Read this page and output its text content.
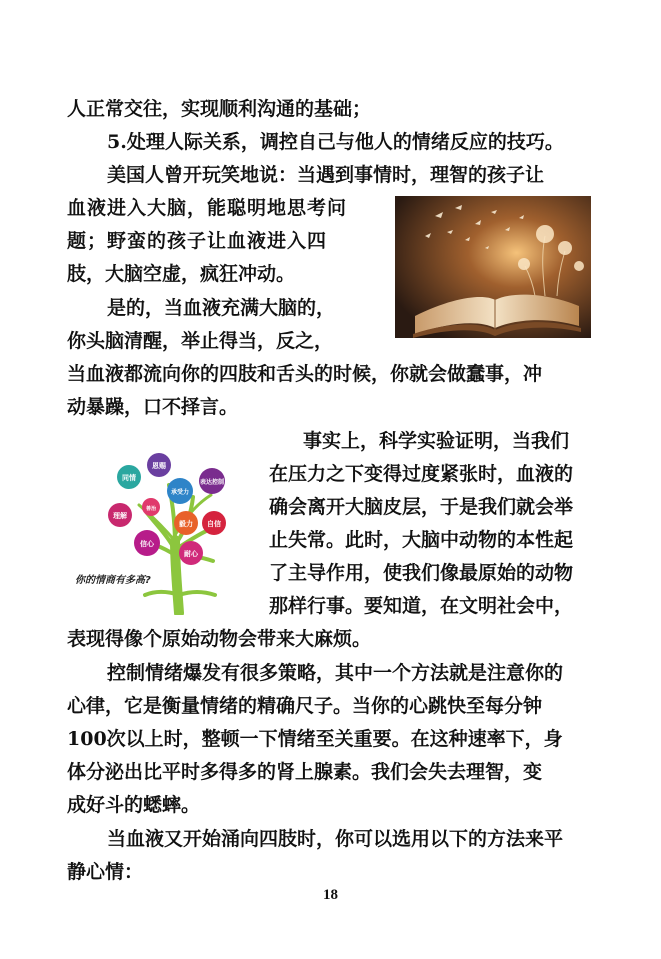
人正常交往，实现顺利沟通的基础；
5.处理人际关系，调控自己与他人的情绪反应的技巧。
美国人曾开玩笑地说：当遇到事情时，理智的孩子让
血液进入大脑，能聪明地思考问
题；野蛮的孩子让血液进入四
肢，大脑空虚，疯狂冲动。
是的，当血液充满大脑的，
你头脑清醒，举止得当，反之，
当血液都流向你的四肢和舌头的时候，你就会做蠢事，冲
动暴躁，口不择言。
事实上，科学实验证明，当我们
在压力之下变得过度紧张时，血液的
确会离开大脑皮层，于是我们就会举
止失常。此时，大脑中动物的本性起
了主导作用，使我们像最原始的动物
那样行事。要知道，在文明社会中，
表现得像个原始动物会带来大麻烦。
控制情绪爆发有很多策略，其中一个方法就是注意你的
心律，它是衡量情绪的精确尺子。当你的心跳快至每分钟
100次以上时，整顿一下情绪至关重要。在这种速率下，身
体分泌出比平时多得多的肾上腺素。我们会失去理智，变
成好斗的蟋蟀。
当血液又开始涌向四肢时，你可以选用以下的方法来平
静心情：
同情
恩赐
表达控制
理解
承受力
善治
毅力 自信
信心
耐心
你的情商有多高?
18
